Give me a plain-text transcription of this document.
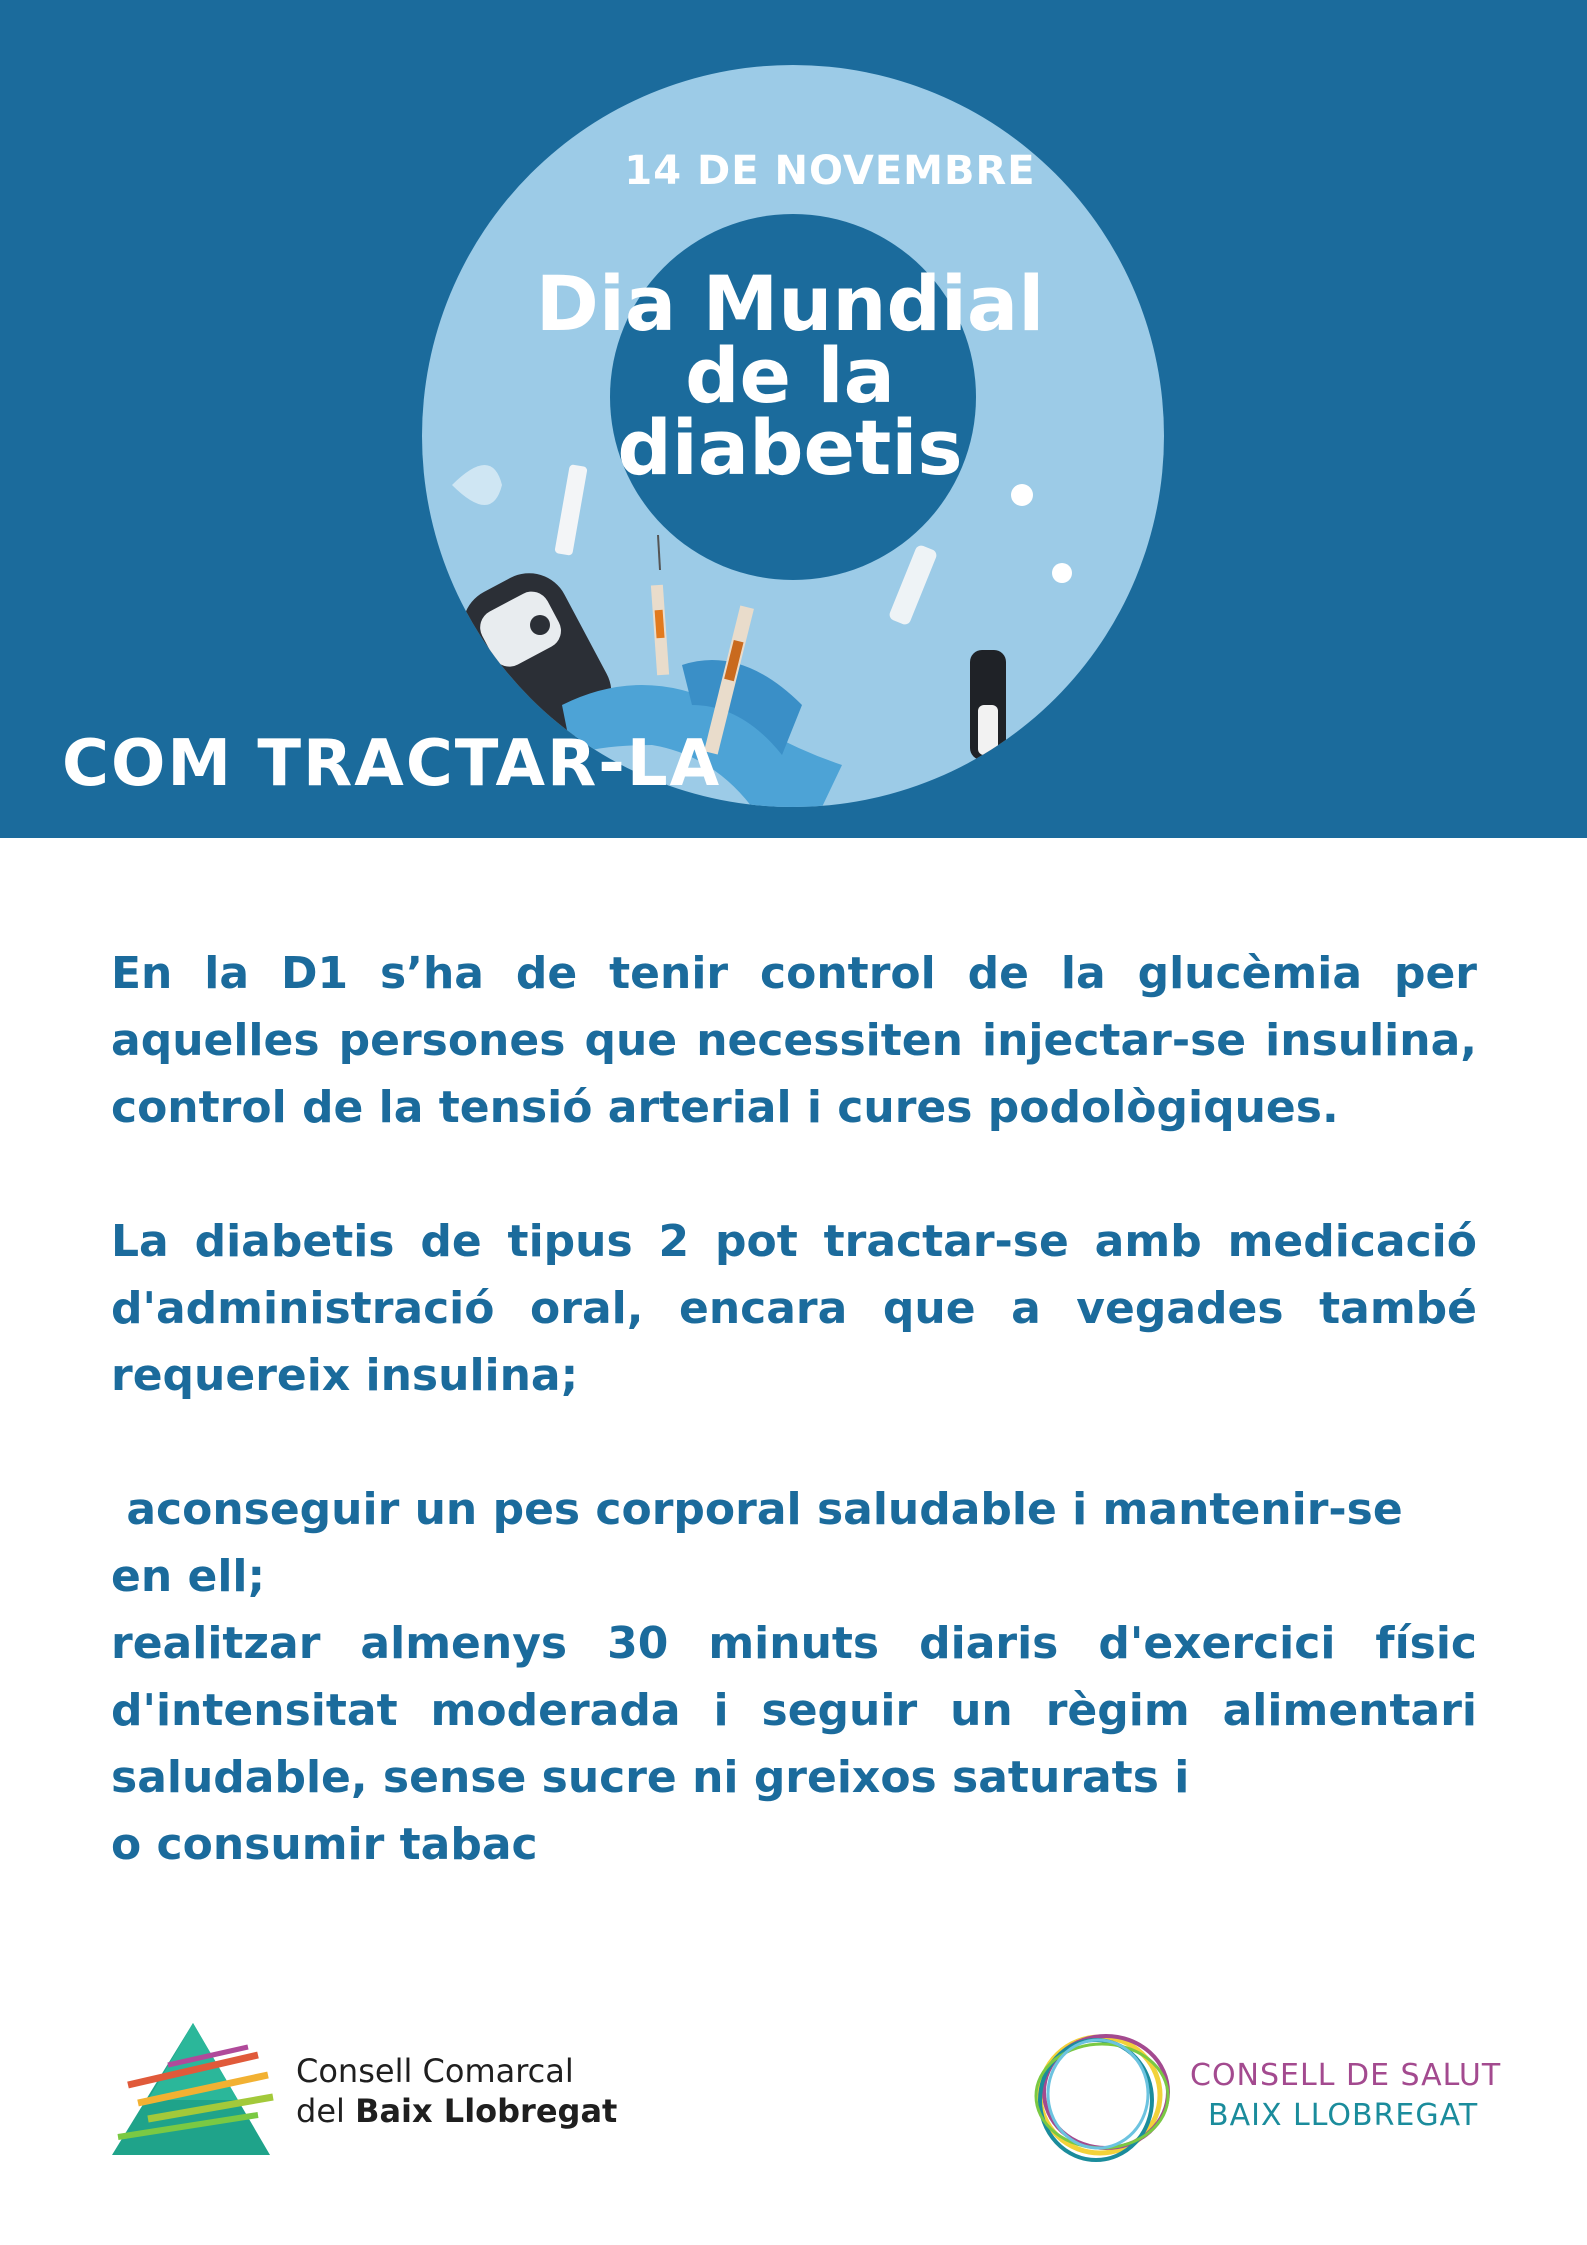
14 DE NOVEMBRE
Dia Mundial
de la
diabetis
COM TRACTAR-LA

En la D1 s’ha de tenir control de la glucèmia per aquelles persones que necessiten injectar-se insulina, control de la tensió arterial i cures podològiques.

La diabetis de tipus 2 pot tractar-se amb medicació d'administració oral, encara que a vegades també requereix insulina;

aconseguir un pes corporal saludable i mantenir-se en ell;

realitzar almenys 30 minuts diaris d'exercici físic d'intensitat moderada i seguir un règim alimentari saludable, sense sucre ni greixos saturats i

o consumir tabac

Consell Comarcal
del Baix Llobregat
CONSELL DE SALUT
BAIX LLOBREGAT
